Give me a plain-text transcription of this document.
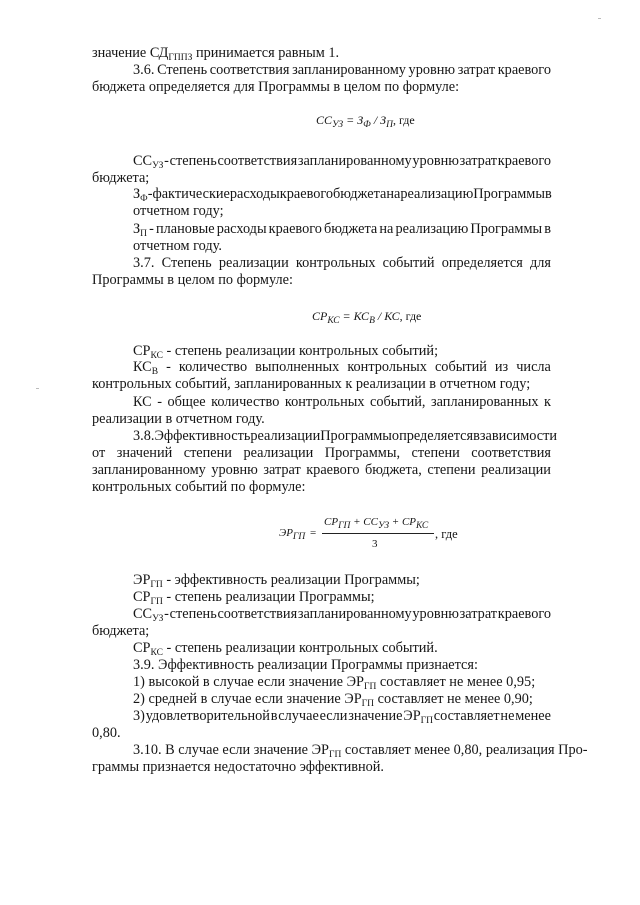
значение $СД_{ГППЗ}$ принимается равным 1.
3.6. Степень соответствия запланированному уровню затрат краевого
бюджета определяется для Программы в целом по формуле:
$СС_{УЗ} = З_Ф / З_П$, где
$СС_{УЗ}$ - степень соответствия запланированному уровню затрат краевого
бюджета;
$З_Ф$ - фактические расходы краевого бюджета на реализацию Программы в
отчетном году;
$З_П$ - плановые расходы краевого бюджета на реализацию Программы в
отчетном году.
3.7. Степень реализации контрольных событий определяется для
Программы в целом по формуле:
$СР_{КС} = КС_В$ / КС, где
$СР_{КС}$ - степень реализации контрольных событий;
$КС_В$ - количество выполненных контрольных событий из числа
контрольных событий, запланированных к реализации в отчетном году;
КС - общее количество контрольных событий, запланированных к
реализации в отчетном году.
3.8. Эффективность реализации Программы определяется в зависимости
от значений степени реализации Программы, степени соответствия
запланированному уровню затрат краевого бюджета, степени реализации
контрольных событий по формуле:
$ЭР_{ГП}$ =
$СР_{ГП} + СС_{УЗ} + СР_{КС}$
3
, где
$ЭР_{ГП}$ - эффективность реализации Программы;
$СР_{ГП}$ - степень реализации Программы;
$СС_{УЗ}$ - степень соответствия запланированному уровню затрат краевого
бюджета;
$СР_{КС}$ - степень реализации контрольных событий.
3.9. Эффективность реализации Программы признается:
1) высокой в случае если значение $ЭР_{ГП}$ составляет не менее 0,95;
2) средней в случае если значение $ЭР_{ГП}$ составляет не менее 0,90;
3) удовлетворительной в случае если значение $ЭР_{ГП}$ составляет не менее
0,80.
3.10. В случае если значение $ЭР_{ГП}$ составляет менее 0,80, реализация Про-
граммы признается недостаточно эффективной.
